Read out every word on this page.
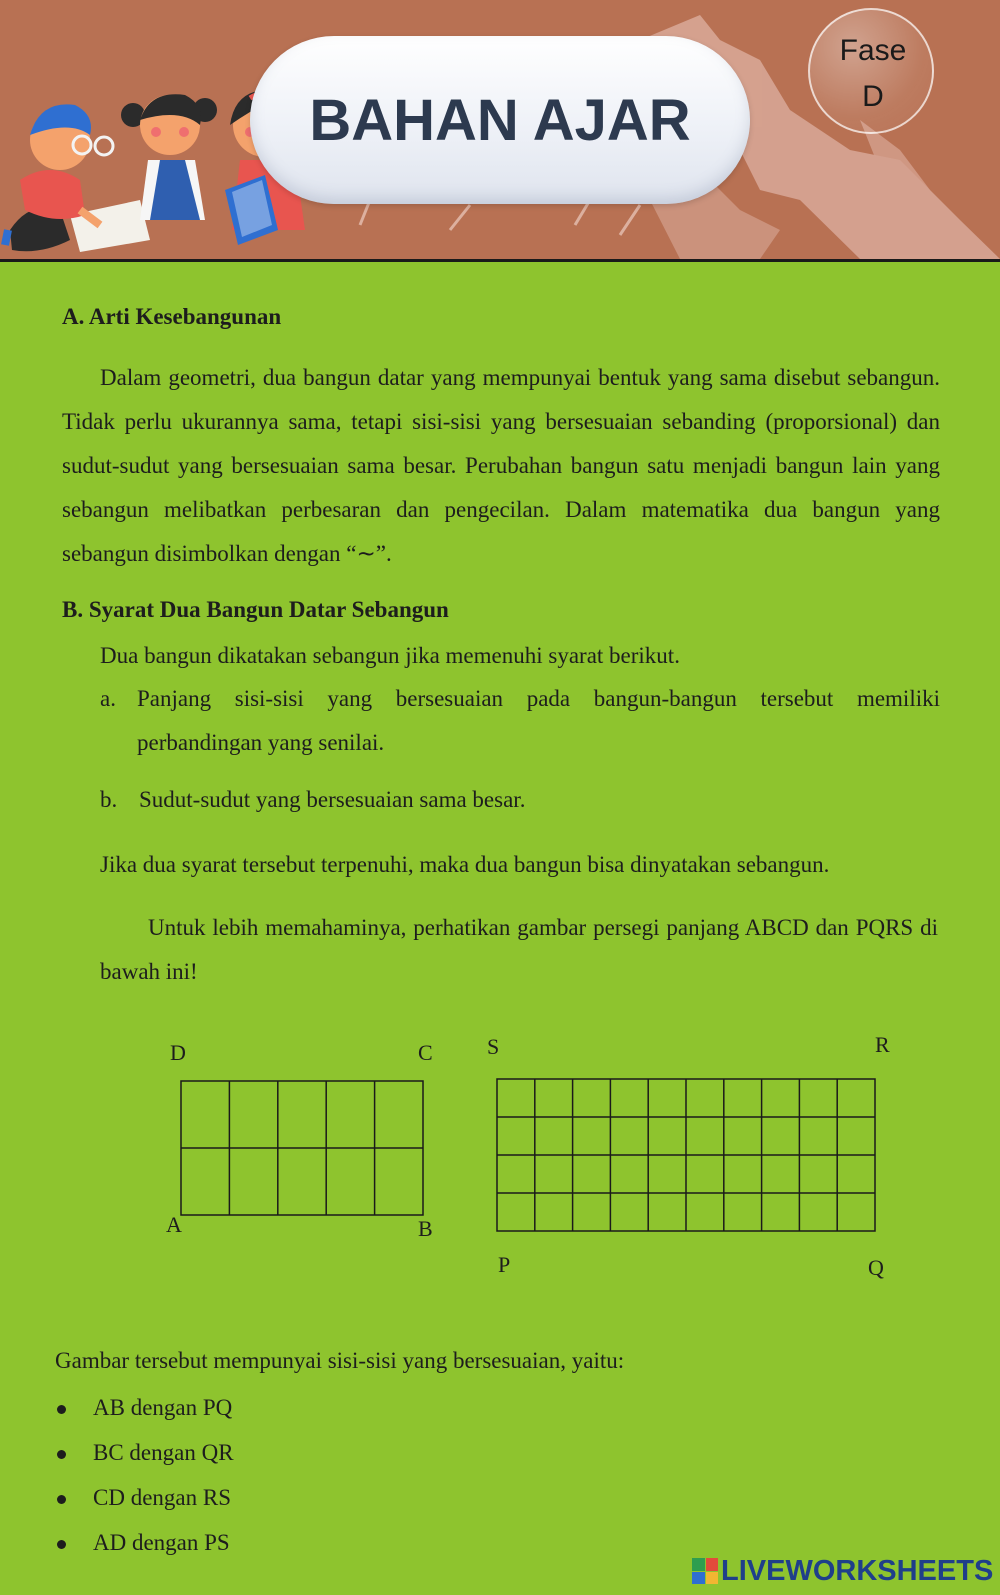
BAHAN AJAR
Fase
D
A. Arti Kesebangunan
Dalam geometri, dua bangun datar yang mempunyai bentuk yang sama disebut sebangun. Tidak perlu ukurannya sama, tetapi sisi-sisi yang bersesuaian sebanding (proporsional) dan sudut-sudut yang bersesuaian sama besar. Perubahan bangun satu menjadi bangun lain yang sebangun melibatkan perbesaran dan pengecilan. Dalam matematika dua bangun yang sebangun disimbolkan dengan “∼”.
B. Syarat Dua Bangun Datar Sebangun
Dua bangun dikatakan sebangun jika memenuhi syarat berikut.
a. Panjang sisi-sisi yang bersesuaian pada bangun-bangun tersebut memiliki perbandingan yang senilai.
b. Sudut-sudut yang bersesuaian sama besar.
Jika dua syarat tersebut terpenuhi, maka dua bangun bisa dinyatakan sebangun.
Untuk lebih memahaminya, perhatikan gambar persegi panjang ABCD dan PQRS di bawah ini!
D	C
A	B
S	R
P	Q
Gambar tersebut mempunyai sisi-sisi yang bersesuaian, yaitu:
AB dengan PQ
BC dengan QR
CD dengan RS
AD dengan PS
LIVEWORKSHEETS
